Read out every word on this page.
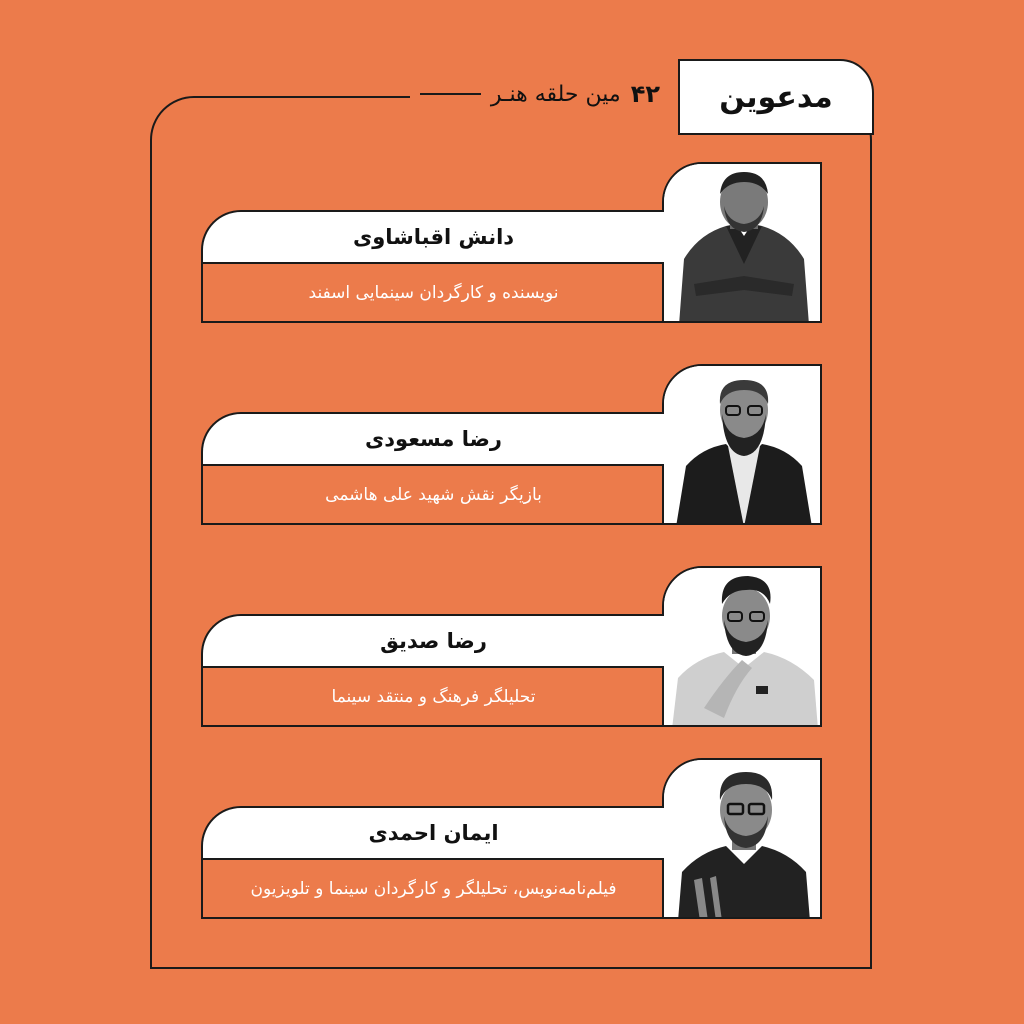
۴۲
مین حلقه هنـر	مدعوین
دانش اقباشاوی
نویسنده و کارگردان سینمایی اسفند
رضا مسعودی
بازیگر نقش شهید علی هاشمی
رضا صدیق
تحلیلگر فرهنگ و منتقد سینما
ایمان احمدی
فیلم‌نامه‌نویس، تحلیلگر و کارگردان سینما و تلویزیون
